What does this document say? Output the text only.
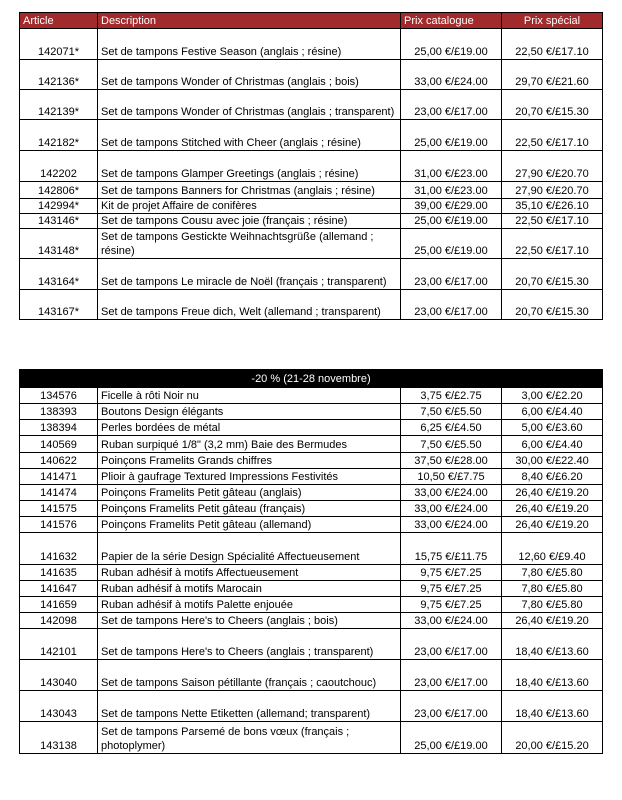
Article	Description	Prix catalogue	Prix spécial
142071*	Set de tampons Festive Season (anglais ; résine)	25,00 €/£19.00	22,50 €/£17.10
142136*	Set de tampons Wonder of Christmas (anglais ; bois)	33,00 €/£24.00	29,70 €/£21.60
142139*	Set de tampons Wonder of Christmas (anglais ; transparent)	23,00 €/£17.00	20,70 €/£15.30
142182*	Set de tampons Stitched with Cheer (anglais ; résine)	25,00 €/£19.00	22,50 €/£17.10
142202	Set de tampons Glamper Greetings (anglais ; résine)	31,00 €/£23.00	27,90 €/£20.70
142806*	Set de tampons Banners for Christmas (anglais ; résine)	31,00 €/£23.00	27,90 €/£20.70
142994*	Kit de projet Affaire de conifères	39,00 €/£29.00	35,10 €/£26.10
143146*	Set de tampons Cousu avec joie (français ; résine)	25,00 €/£19.00	22,50 €/£17.10
143148*	Set de tampons Gestickte Weihnachtsgrüße (allemand ; résine)	25,00 €/£19.00	22,50 €/£17.10
143164*	Set de tampons Le miracle de Noël (français ; transparent)	23,00 €/£17.00	20,70 €/£15.30
143167*	Set de tampons Freue dich, Welt (allemand ; transparent)	23,00 €/£17.00	20,70 €/£15.30
-20 % (21-28 novembre)			
134576	Ficelle à rôti Noir nu	3,75 €/£2.75	3,00 €/£2.20
138393	Boutons Design élégants	7,50 €/£5.50	6,00 €/£4.40
138394	Perles bordées de métal	6,25 €/£4.50	5,00 €/£3.60
140569	Ruban surpiqué 1/8" (3,2 mm) Baie des Bermudes	7,50 €/£5.50	6,00 €/£4.40
140622	Poinçons Framelits Grands chiffres	37,50 €/£28.00	30,00 €/£22.40
141471	Plioir à gaufrage Textured Impressions Festivités	10,50 €/£7.75	8,40 €/£6.20
141474	Poinçons Framelits Petit gâteau (anglais)	33,00 €/£24.00	26,40 €/£19.20
141575	Poinçons Framelits Petit gâteau (français)	33,00 €/£24.00	26,40 €/£19.20
141576	Poinçons Framelits Petit gâteau (allemand)	33,00 €/£24.00	26,40 €/£19.20
141632	Papier de la série Design Spécialité Affectueusement	15,75 €/£11.75	12,60 €/£9.40
141635	Ruban adhésif à motifs Affectueusement	9,75 €/£7.25	7,80 €/£5.80
141647	Ruban adhésif à motifs Marocain	9,75 €/£7.25	7,80 €/£5.80
141659	Ruban adhésif à motifs Palette enjouée	9,75 €/£7.25	7,80 €/£5.80
142098	Set de tampons Here's to Cheers (anglais ; bois)	33,00 €/£24.00	26,40 €/£19.20
142101	Set de tampons Here's to Cheers (anglais ; transparent)	23,00 €/£17.00	18,40 €/£13.60
143040	Set de tampons Saison pétillante (français ; caoutchouc)	23,00 €/£17.00	18,40 €/£13.60
143043	Set de tampons Nette Etiketten (allemand; transparent)	23,00 €/£17.00	18,40 €/£13.60
143138	Set de tampons Parsemé de bons vœux (français ; photoplymer)	25,00 €/£19.00	20,00 €/£15.20
